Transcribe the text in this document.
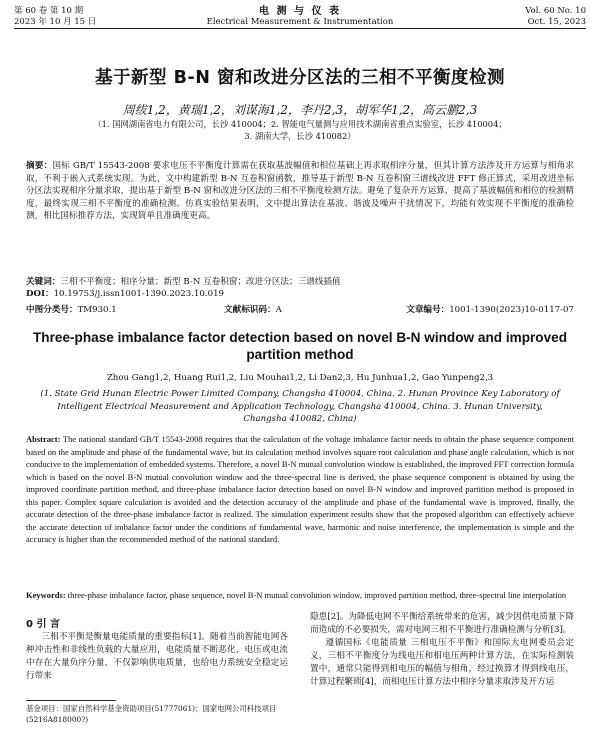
第 60 卷 第 10 期
2023 年 10 月 15 日
电 测 与 仪 表
Electrical Measurement & Instrumentation
Vol. 60 No. 10
Oct. 15, 2023
基于新型 B-N 窗和改进分区法的三相不平衡度检测
周绂1,2，黄瑞1,2，刘谋海1,2，李丹2,3，胡军华1,2，高云鹏2,3
（1. 国网湖南省电力有限公司，长沙 410004；2. 智能电气量测与应用技术湖南省重点实验室，长沙 410004；
3. 湖南大学，长沙 410082）
摘要：国标 GB/T 15543-2008 要求电压不平衡度计算需在获取基波幅值和相位基础上再求取相序分量，但其计算方法涉及开方运算与相角求取，不利于嵌入式系统实现。为此，文中构建新型 B-N 互卷积窗函数，推导基于新型 B-N 互卷积窗三谱线改进 FFT 修正算式，采用改进坐标分区法实现相序分量求取，提出基于新型 B-N 窗和改进分区法的三相不平衡度检测方法。避免了复杂开方运算，提高了基波幅值和相位的检测精度，最终实现三相不平衡度的准确检测。仿真实验结果表明，文中提出算法在基波、谐波及噪声干扰情况下，均能有效实现不平衡度的准确检测，相比国标推荐方法，实现简单且准确度更高。
关键词：三相不平衡度；相序分量；新型 B-N 互卷积窗；改进分区法；三谱线插值
DOI：10.19753/j.issn1001-1390.2023.10.019
中图分类号：TM930.1	文献标识码：A	文章编号：1001-1390(2023)10-0117-07
Three-phase imbalance factor detection based on novel B-N window and improved partition method
Zhou Gang1,2, Huang Rui1,2, Liu Mouhai1,2, Li Dan2,3, Hu Junhua1,2, Gao Yunpeng2,3
(1. State Grid Hunan Electric Power Limited Company, Changsha 410004, China. 2. Hunan Province Key Laboratory of Intelligent Electrical Measurement and Application Technology, Changsha 410004, China. 3. Hunan University, Changsha 410082, China)
Abstract: The national standard GB/T 15543-2008 requires that the calculation of the voltage imbalance factor needs to obtain the phase sequence component based on the amplitude and phase of the fundamental wave, but its calculation method involves square root calculation and phase angle calculation, which is not conducive to the implementation of embedded systems. Therefore, a novel B-N mutual convolution window is established, the improved FFT correction formula which is based on the novel B-N mutual convolution window and the three-spectral line is derived, the phase sequence component is obtained by using the improved coordinate partition method, and three-phase imbalance factor detection based on novel B-N window and improved partition method is proposed in this paper. Complex square calculation is avoided and the detection accuracy of the amplitude and phase of the fundamental wave is improved, finally, the accurate detection of the three-phase imbalance factor is realized. The simulation experiment results show that the proposed algorithm can effectively achieve the accurate detection of imbalance factor under the conditions of fundamental wave, harmonic and noise interference, the implementation is simple and the accuracy is higher than the recommended method of the national standard.
Keywords: three-phase imbalance factor, phase sequence, novel B-N mutual convolution window, improved partition method, three-spectral line interpolation
0 引 言
三相不平衡是衡量电能质量的重要指标[1]。随着当前智能电网各种冲击性和非线性负载的大量应用，电能质量不断恶化，电压或电流中存在大量负序分量，不仅影响供电质量，也给电力系统安全稳定运行带来

隐患[2]。为降低电网不平衡给系统带来的危害，减少因供电质量下降而造成的不必要损失，需对电网三相不平衡进行准确检测与分析[3]。

遵循国标《电能质量 三相电压不平衡》和国际大电网委员会定义，三相不平衡度分为线电压和相电压两种计算方法，在实际检测装置中，通常只能得到相电压的幅值与相角，经过换算才得到线电压，计算过程繁琐[4]，而相电压计算方法中相序分量求取涉及开方运

基金项目：国家自然科学基金资助项目(51777061)；国家电网公司科技项目(5216A818000?)
